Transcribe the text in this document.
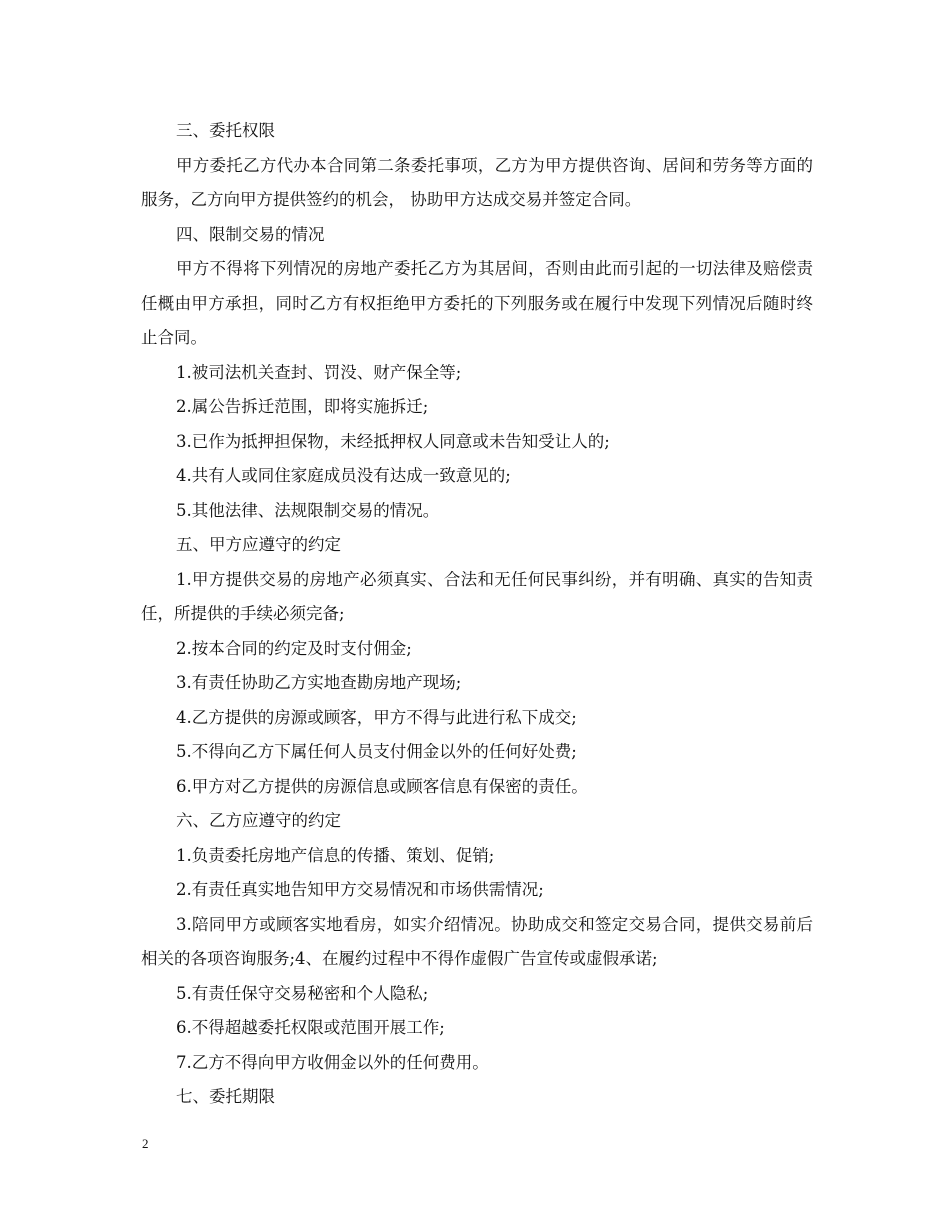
三、委托权限

甲方委托乙方代办本合同第二条委托事项，乙方为甲方提供咨询、居间和劳务等方面的服务，乙方向甲方提供签约的机会， 协助甲方达成交易并签定合同。

四、限制交易的情况

甲方不得将下列情况的房地产委托乙方为其居间，否则由此而引起的一切法律及赔偿责任概由甲方承担，同时乙方有权拒绝甲方委托的下列服务或在履行中发现下列情况后随时终止合同。

1.被司法机关查封、罚没、财产保全等;

2.属公告拆迁范围，即将实施拆迁;

3.已作为抵押担保物，未经抵押权人同意或未告知受让人的;

4.共有人或同住家庭成员没有达成一致意见的;

5.其他法律、法规限制交易的情况。

五、甲方应遵守的约定

1.甲方提供交易的房地产必须真实、合法和无任何民事纠纷，并有明确、真实的告知责任，所提供的手续必须完备;

2.按本合同的约定及时支付佣金;

3.有责任协助乙方实地查勘房地产现场;

4.乙方提供的房源或顾客，甲方不得与此进行私下成交;

5.不得向乙方下属任何人员支付佣金以外的任何好处费;

6.甲方对乙方提供的房源信息或顾客信息有保密的责任。

六、乙方应遵守的约定

1.负责委托房地产信息的传播、策划、促销;

2.有责任真实地告知甲方交易情况和市场供需情况;

3.陪同甲方或顾客实地看房，如实介绍情况。协助成交和签定交易合同，提供交易前后相关的各项咨询服务;4、在履约过程中不得作虚假广告宣传或虚假承诺;

5.有责任保守交易秘密和个人隐私;

6.不得超越委托权限或范围开展工作;

7.乙方不得向甲方收佣金以外的任何费用。

七、委托期限

2
